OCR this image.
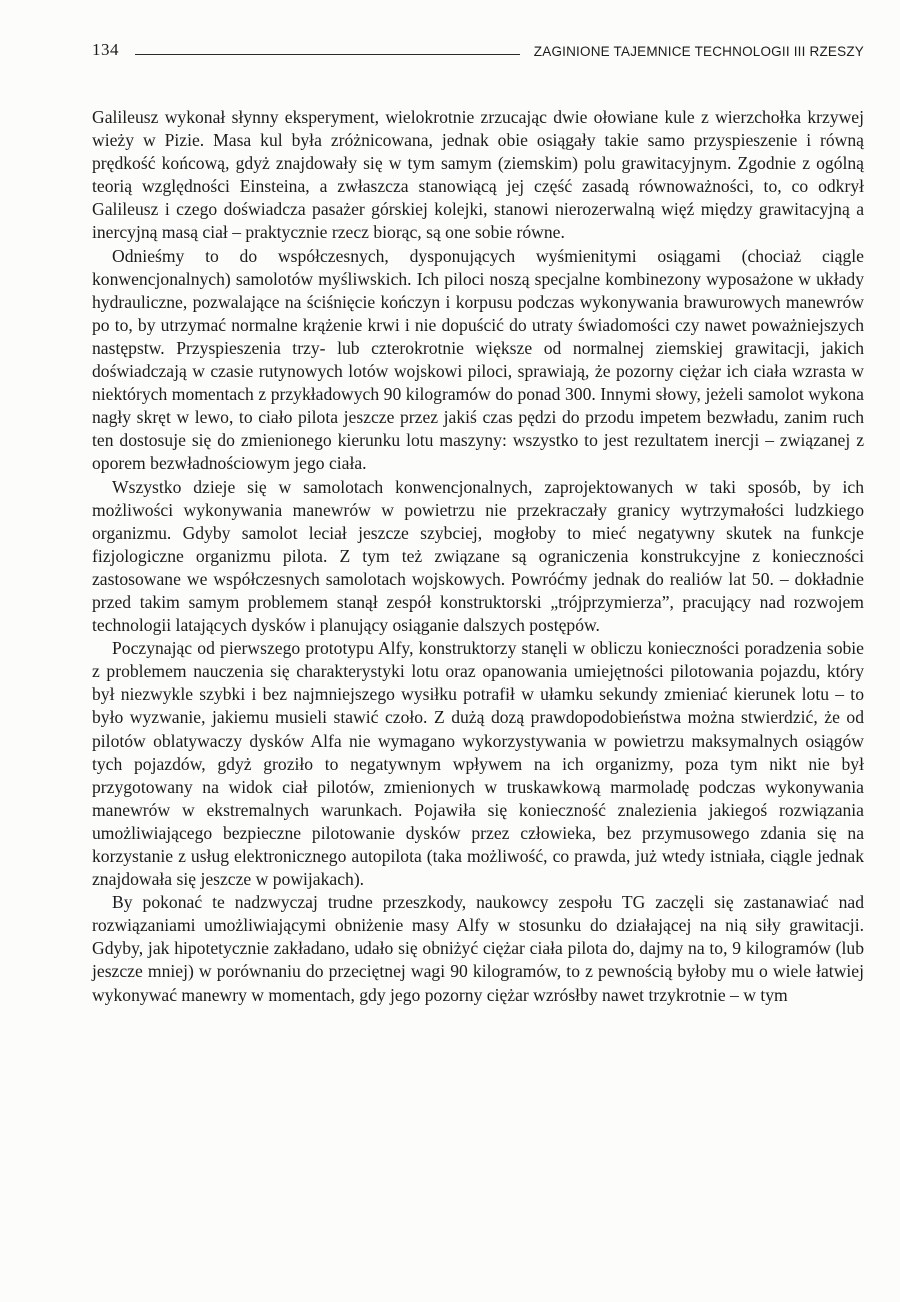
134	ZAGINIONE TAJEMNICE TECHNOLOGII III RZESZY

Galileusz wykonał słynny eksperyment, wielokrotnie zrzucając dwie ołowiane kule z wierzchołka krzywej wieży w Pizie. Masa kul była zróżnicowana, jednak obie osiągały takie samo przyspieszenie i równą prędkość końcową, gdyż znajdowały się w tym samym (ziemskim) polu grawitacyjnym. Zgodnie z ogólną teorią względności Einsteina, a zwłaszcza stanowiącą jej część zasadą równoważności, to, co odkrył Galileusz i czego doświadcza pasażer górskiej kolejki, stanowi nierozerwalną więź między grawitacyjną a inercyjną masą ciał – praktycznie rzecz biorąc, są one sobie równe.

Odnieśmy to do współczesnych, dysponujących wyśmienitymi osiągami (chociaż ciągle konwencjonalnych) samolotów myśliwskich. Ich piloci noszą specjalne kombinezony wyposażone w układy hydrauliczne, pozwalające na ściśnięcie kończyn i korpusu podczas wykonywania brawurowych manewrów po to, by utrzymać normalne krążenie krwi i nie dopuścić do utraty świadomości czy nawet poważniejszych następstw. Przyspieszenia trzy- lub czterokrotnie większe od normalnej ziemskiej grawitacji, jakich doświadczają w czasie rutynowych lotów wojskowi piloci, sprawiają, że pozorny ciężar ich ciała wzrasta w niektórych momentach z przykładowych 90 kilogramów do ponad 300. Innymi słowy, jeżeli samolot wykona nagły skręt w lewo, to ciało pilota jeszcze przez jakiś czas pędzi do przodu impetem bezwładu, zanim ruch ten dostosuje się do zmienionego kierunku lotu maszyny: wszystko to jest rezultatem inercji – związanej z oporem bezwładnościowym jego ciała.

Wszystko dzieje się w samolotach konwencjonalnych, zaprojektowanych w taki sposób, by ich możliwości wykonywania manewrów w powietrzu nie przekraczały granicy wytrzymałości ludzkiego organizmu. Gdyby samolot leciał jeszcze szybciej, mogłoby to mieć negatywny skutek na funkcje fizjologiczne organizmu pilota. Z tym też związane są ograniczenia konstrukcyjne z konieczności zastosowane we współczesnych samolotach wojskowych. Powróćmy jednak do realiów lat 50. – dokładnie przed takim samym problemem stanął zespół konstruktorski „trójprzymierza”, pracujący nad rozwojem technologii latających dysków i planujący osiąganie dalszych postępów.

Poczynając od pierwszego prototypu Alfy, konstruktorzy stanęli w obliczu konieczności poradzenia sobie z problemem nauczenia się charakterystyki lotu oraz opanowania umiejętności pilotowania pojazdu, który był niezwykle szybki i bez najmniejszego wysiłku potrafił w ułamku sekundy zmieniać kierunek lotu – to było wyzwanie, jakiemu musieli stawić czoło. Z dużą dozą prawdopodobieństwa można stwierdzić, że od pilotów oblatywaczy dysków Alfa nie wymagano wykorzystywania w powietrzu maksymalnych osiągów tych pojazdów, gdyż groziło to negatywnym wpływem na ich organizmy, poza tym nikt nie był przygotowany na widok ciał pilotów, zmienionych w truskawkową marmoladę podczas wykonywania manewrów w ekstremalnych warunkach. Pojawiła się konieczność znalezienia jakiegoś rozwiązania umożliwiającego bezpieczne pilotowanie dysków przez człowieka, bez przymusowego zdania się na korzystanie z usług elektronicznego autopilota (taka możliwość, co prawda, już wtedy istniała, ciągle jednak znajdowała się jeszcze w powijakach).

By pokonać te nadzwyczaj trudne przeszkody, naukowcy zespołu TG zaczęli się zastanawiać nad rozwiązaniami umożliwiającymi obniżenie masy Alfy w stosunku do działającej na nią siły grawitacji. Gdyby, jak hipotetycznie zakładano, udało się obniżyć ciężar ciała pilota do, dajmy na to, 9 kilogramów (lub jeszcze mniej) w porównaniu do przeciętnej wagi 90 kilogramów, to z pewnością byłoby mu o wiele łatwiej wykonywać manewry w momentach, gdy jego pozorny ciężar wzrósłby nawet trzykrotnie – w tym
